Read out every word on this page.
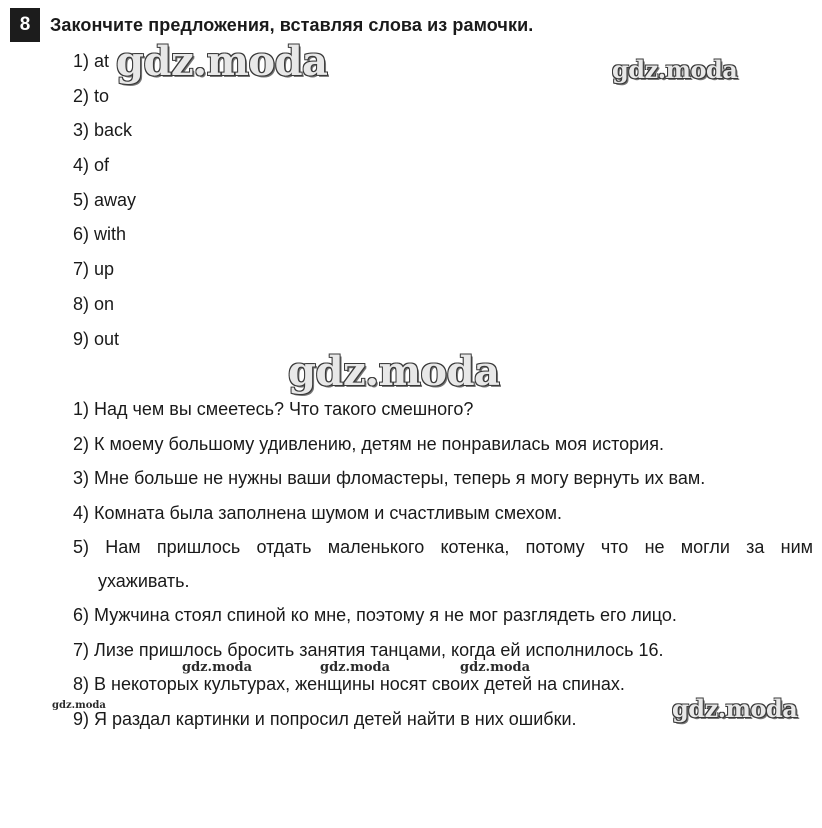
8	Закончите предложения, вставляя слова из рамочки.
1) at
2) to
3) back
4) of
5) away
6) with
7) up
8) on
9) out
1) Над чем вы смеетесь? Что такого смешного?
2) К моему большому удивлению, детям не понравилась моя история.
3) Мне больше не нужны ваши фломастеры, теперь я могу вернуть их вам.
4) Комната была заполнена шумом и счастливым смехом.
5) Нам пришлось отдать маленького котенка, потому что не могли за ним
ухаживать.
6) Мужчина стоял спиной ко мне, поэтому я не мог разглядеть его лицо.
7) Лизе пришлось бросить занятия танцами, когда ей исполнилось 16.
8) В некоторых культурах, женщины носят своих детей на спинах.
9) Я раздал картинки и попросил детей найти в них ошибки.
gdz.moda	gdz.moda
gdz.moda
gdz.moda	gdz.moda	gdz.moda
gdz.moda	gdz.moda
